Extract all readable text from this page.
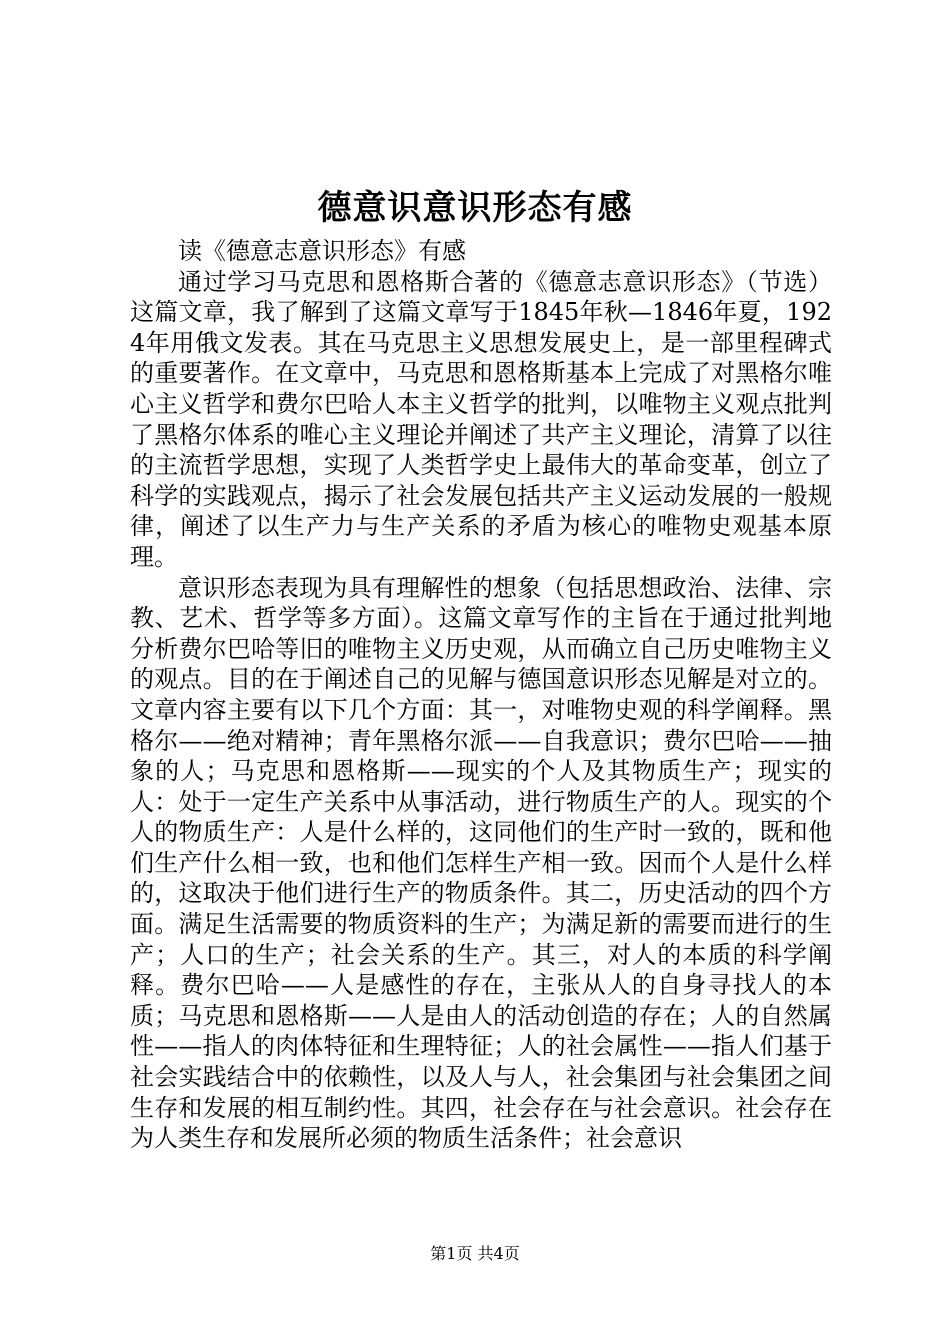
德意识意识形态有感

读《德意志意识形态》有感

通过学习马克思和恩格斯合著的《德意志意识形态》（节选）这篇文章，我了解到了这篇文章写于1845年秋—1846年夏，1924年用俄文发表。其在马克思主义思想发展史上，是一部里程碑式的重要著作。在文章中，马克思和恩格斯基本上完成了对黑格尔唯心主义哲学和费尔巴哈人本主义哲学的批判，以唯物主义观点批判了黑格尔体系的唯心主义理论并阐述了共产主义理论，清算了以往的主流哲学思想，实现了人类哲学史上最伟大的革命变革，创立了科学的实践观点，揭示了社会发展包括共产主义运动发展的一般规律，阐述了以生产力与生产关系的矛盾为核心的唯物史观基本原理。

意识形态表现为具有理解性的想象（包括思想政治、法律、宗教、艺术、哲学等多方面）。这篇文章写作的主旨在于通过批判地分析费尔巴哈等旧的唯物主义历史观，从而确立自己历史唯物主义的观点。目的在于阐述自己的见解与德国意识形态见解是对立的。文章内容主要有以下几个方面：其一，对唯物史观的科学阐释。黑格尔——绝对精神；青年黑格尔派——自我意识；费尔巴哈——抽象的人；马克思和恩格斯——现实的个人及其物质生产；现实的人：处于一定生产关系中从事活动，进行物质生产的人。现实的个人的物质生产：人是什么样的，这同他们的生产时一致的，既和他们生产什么相一致，也和他们怎样生产相一致。因而个人是什么样的，这取决于他们进行生产的物质条件。其二，历史活动的四个方面。满足生活需要的物质资料的生产；为满足新的需要而进行的生产；人口的生产；社会关系的生产。其三，对人的本质的科学阐释。费尔巴哈——人是感性的存在，主张从人的自身寻找人的本质；马克思和恩格斯——人是由人的活动创造的存在；人的自然属性——指人的肉体特征和生理特征；人的社会属性——指人们基于社会实践结合中的依赖性，以及人与人，社会集团与社会集团之间生存和发展的相互制约性。其四，社会存在与社会意识。社会存在为人类生存和发展所必须的物质生活条件；社会意识

第1页 共4页
